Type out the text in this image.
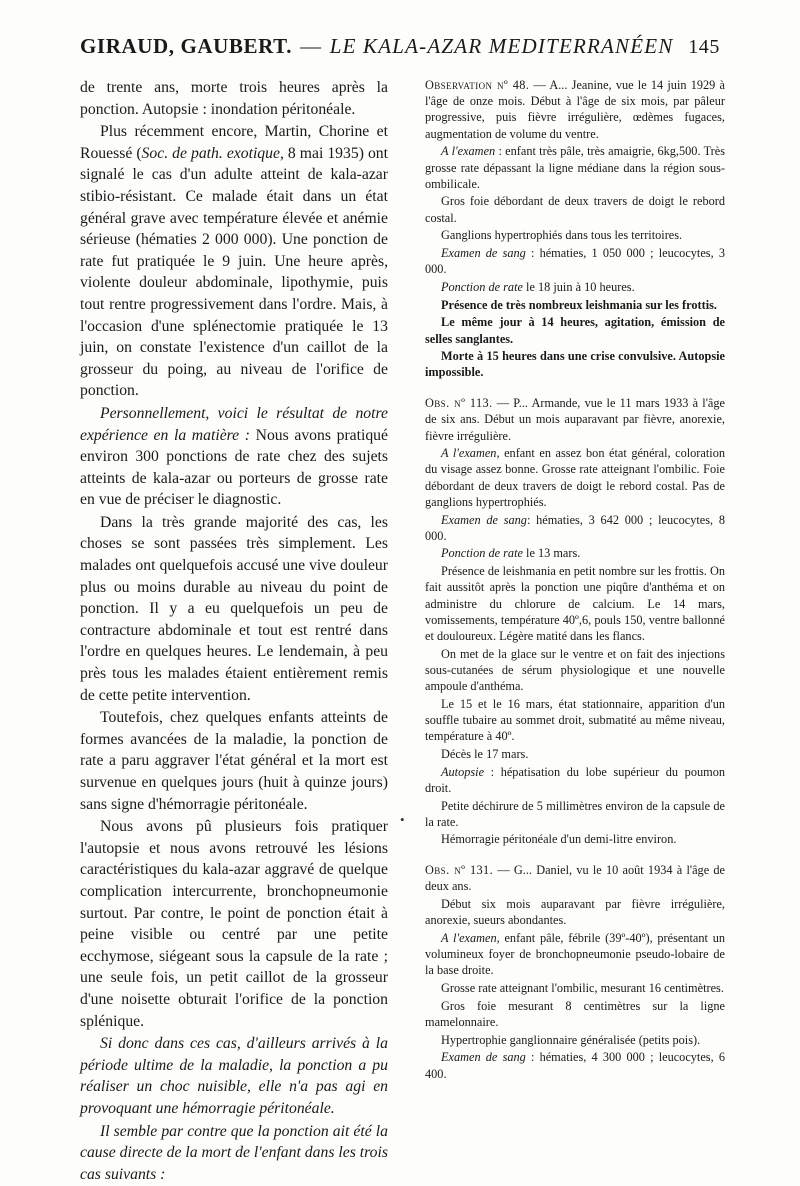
GIRAUD, GAUBERT. — LE KALA-AZAR MEDITERRANÉEN 145

de trente ans, morte trois heures après la ponction. Autopsie : inondation péritonéale.

Plus récemment encore, Martin, Chorine et Rouessé (Soc. de path. exotique, 8 mai 1935) ont signalé le cas d'un adulte atteint de kala-azar stibio-résistant. Ce malade était dans un état général grave avec température élevée et anémie sérieuse (hématies 2 000 000). Une ponction de rate fut pratiquée le 9 juin. Une heure après, violente douleur abdominale, lipothymie, puis tout rentre progressivement dans l'ordre. Mais, à l'occasion d'une splénectomie pratiquée le 13 juin, on constate l'existence d'un caillot de la grosseur du poing, au niveau de l'orifice de ponction.

Personnellement, voici le résultat de notre expérience en la matière : Nous avons pratiqué environ 300 ponctions de rate chez des sujets atteints de kala-azar ou porteurs de grosse rate en vue de préciser le diagnostic.

Dans la très grande majorité des cas, les choses se sont passées très simplement. Les malades ont quelquefois accusé une vive douleur plus ou moins durable au niveau du point de ponction. Il y a eu quelquefois un peu de contracture abdominale et tout est rentré dans l'ordre en quelques heures. Le lendemain, à peu près tous les malades étaient entièrement remis de cette petite intervention.

Toutefois, chez quelques enfants atteints de formes avancées de la maladie, la ponction de rate a paru aggraver l'état général et la mort est survenue en quelques jours (huit à quinze jours) sans signe d'hémorragie péritonéale.

Nous avons pû plusieurs fois pratiquer l'autopsie et nous avons retrouvé les lésions caractéristiques du kala-azar aggravé de quelque complication intercurrente, bronchopneumonie surtout. Par contre, le point de ponction était à peine visible ou centré par une petite ecchymose, siégeant sous la capsule de la rate ; une seule fois, un petit caillot de la grosseur d'une noisette obturait l'orifice de la ponction splénique.

Si donc dans ces cas, d'ailleurs arrivés à la période ultime de la maladie, la ponction a pu réaliser un choc nuisible, elle n'a pas agi en provoquant une hémorragie péritonéale.

Il semble par contre que la ponction ait été la cause directe de la mort de l'enfant dans les trois cas suivants :

Observation nº 48. — A... Jeanine, vue le 14 juin 1929 à l'âge de onze mois. Début à l'âge de six mois, par pâleur progressive, puis fièvre irrégulière, œdèmes fugaces, augmentation de volume du ventre.

A l'examen : enfant très pâle, très amaigrie, 6kg,500. Très grosse rate dépassant la ligne médiane dans la région sous-ombilicale.

Gros foie débordant de deux travers de doigt le rebord costal.

Ganglions hypertrophiés dans tous les territoires.

Examen de sang : hématies, 1 050 000 ; leucocytes, 3 000.

Ponction de rate le 18 juin à 10 heures.

Présence de très nombreux leishmania sur les frottis.

Le même jour à 14 heures, agitation, émission de selles sanglantes.

Morte à 15 heures dans une crise convulsive. Autopsie impossible.

Obs. nº 113. — P... Armande, vue le 11 mars 1933 à l'âge de six ans. Début un mois auparavant par fièvre, anorexie, fièvre irrégulière.

A l'examen, enfant en assez bon état général, coloration du visage assez bonne. Grosse rate atteignant l'ombilic. Foie débordant de deux travers de doigt le rebord costal. Pas de ganglions hypertrophiés.

Examen de sang: hématies, 3 642 000 ; leucocytes, 8 000.

Ponction de rate le 13 mars.

Présence de leishmania en petit nombre sur les frottis. On fait aussitôt après la ponction une piqûre d'anthéma et on administre du chlorure de calcium. Le 14 mars, vomissements, température 40º,6, pouls 150, ventre ballonné et douloureux. Légère matité dans les flancs.

On met de la glace sur le ventre et on fait des injections sous-cutanées de sérum physiologique et une nouvelle ampoule d'anthéma.

Le 15 et le 16 mars, état stationnaire, apparition d'un souffle tubaire au sommet droit, submatité au même niveau, température à 40º.

Décès le 17 mars.

Autopsie : hépatisation du lobe supérieur du poumon droit.

Petite déchirure de 5 millimètres environ de la capsule de la rate.

Hémorragie péritonéale d'un demi-litre environ.

Obs. nº 131. — G... Daniel, vu le 10 août 1934 à l'âge de deux ans.

Début six mois auparavant par fièvre irrégulière, anorexie, sueurs abondantes.

A l'examen, enfant pâle, fébrile (39º-40º), présentant un volumineux foyer de bronchopneumonie pseudo-lobaire de la base droite.

Grosse rate atteignant l'ombilic, mesurant 16 centimètres.

Gros foie mesurant 8 centimètres sur la ligne mamelonnaire.

Hypertrophie ganglionnaire généralisée (petits pois).

Examen de sang : hématies, 4 300 000 ; leucocytes, 6 400.

•
